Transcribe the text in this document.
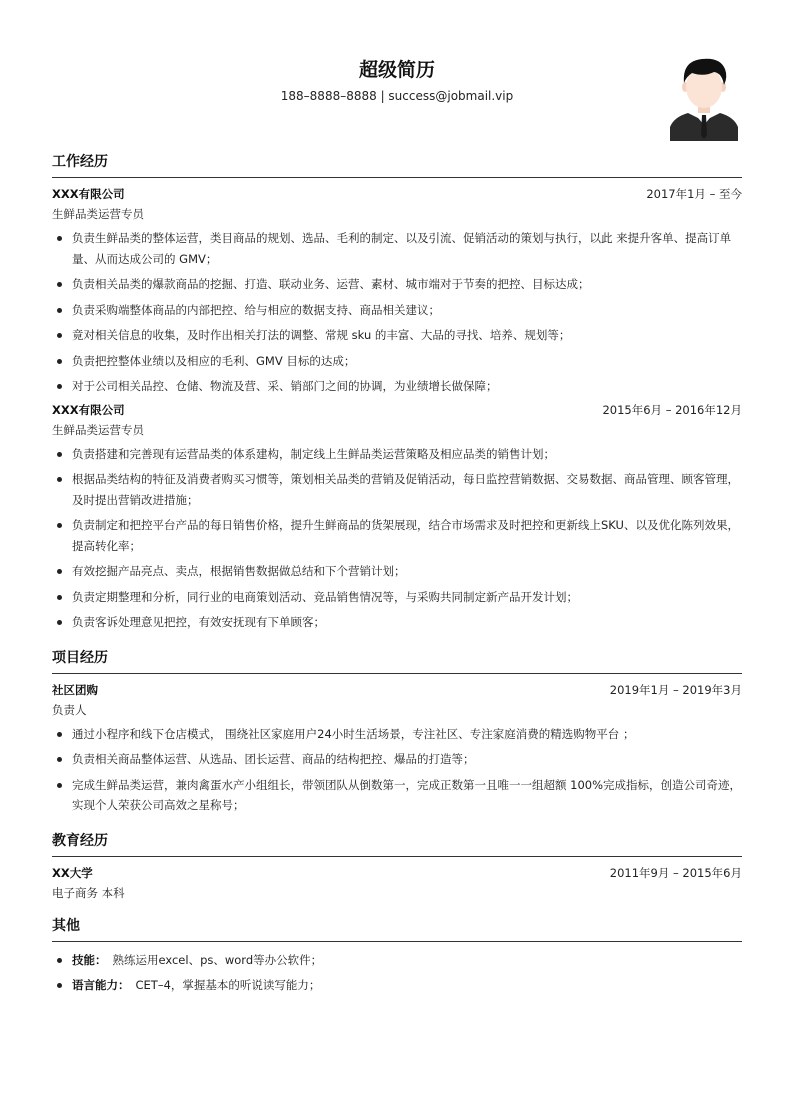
超级简历
188–8888–8888 | success@jobmail.vip
工作经历
XXX有限公司	2017年1月 – 至今
生鲜品类运营专员
负责生鲜品类的整体运营，类目商品的规划、选品、毛利的制定、以及引流、促销活动的策划与执行，以此 来提升客单、提高订单量、从而达成公司的 GMV；
负责相关品类的爆款商品的挖掘、打造、联动业务、运营、素材、城市端对于节奏的把控、目标达成；
负责采购端整体商品的内部把控、给与相应的数据支持、商品相关建议；
竟对相关信息的收集，及时作出相关打法的调整、常规 sku 的丰富、大品的寻找、培养、规划等；
负责把控整体业绩以及相应的毛利、GMV 目标的达成；
对于公司相关品控、仓储、物流及营、采、销部门之间的协调，为业绩增长做保障；
XXX有限公司	2015年6月 – 2016年12月
生鲜品类运营专员
负责搭建和完善现有运营品类的体系建构，制定线上生鲜品类运营策略及相应品类的销售计划；
根据品类结构的特征及消费者购买习惯等，策划相关品类的营销及促销活动，每日监控营销数据、交易数据、商品管理、顾客管理，及时提出营销改进措施；
负责制定和把控平台产品的每日销售价格，提升生鲜商品的货架展现，结合市场需求及时把控和更新线上SKU、以及优化陈列效果，提高转化率；
有效挖掘产品亮点、卖点，根据销售数据做总结和下个营销计划；
负责定期整理和分析，同行业的电商策划活动、竞品销售情况等，与采购共同制定新产品开发计划；
负责客诉处理意见把控，有效安抚现有下单顾客；
项目经历
社区团购	2019年1月 – 2019年3月
负责人
通过小程序和线下仓店模式， 围绕社区家庭用户24小时生活场景，专注社区、专注家庭消费的精选购物平台 ；
负责相关商品整体运营、从选品、团长运营、商品的结构把控、爆品的打造等；
完成生鲜品类运营，兼肉禽蛋水产小组组长，带领团队从倒数第一，完成正数第一且唯一一组超额 100%完成指标，创造公司奇迹，实现个人荣获公司高效之星称号；
教育经历
XX大学	2011年9月 – 2015年6月
电子商务 本科
其他
技能： 熟练运用excel、ps、word等办公软件；
语言能力： CET–4，掌握基本的听说读写能力；
